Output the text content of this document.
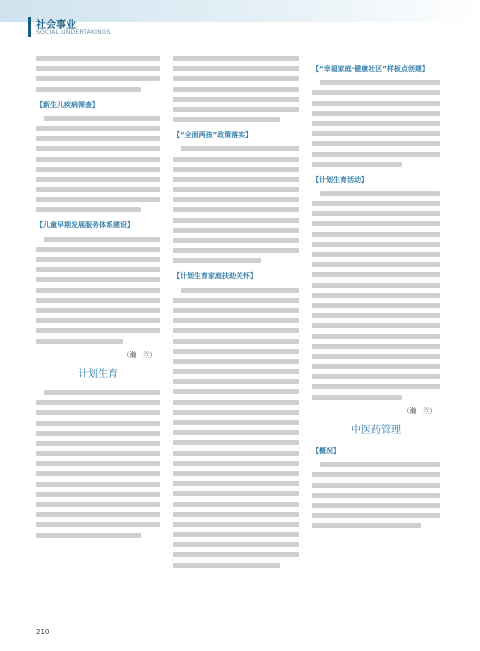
社会事业
SOCIAL UNDERTAKINGS
【新生儿疾病筛查】
【儿童早期发展服务体系建设】
（瀚　兰）
计划生育
【“全面两孩”政策落实】
【计划生育家庭扶助关怀】
【“幸福家庭·健康社区”样板点创建】
【计划生育活动】
（瀚　兰）
中医药管理
【概况】
210
